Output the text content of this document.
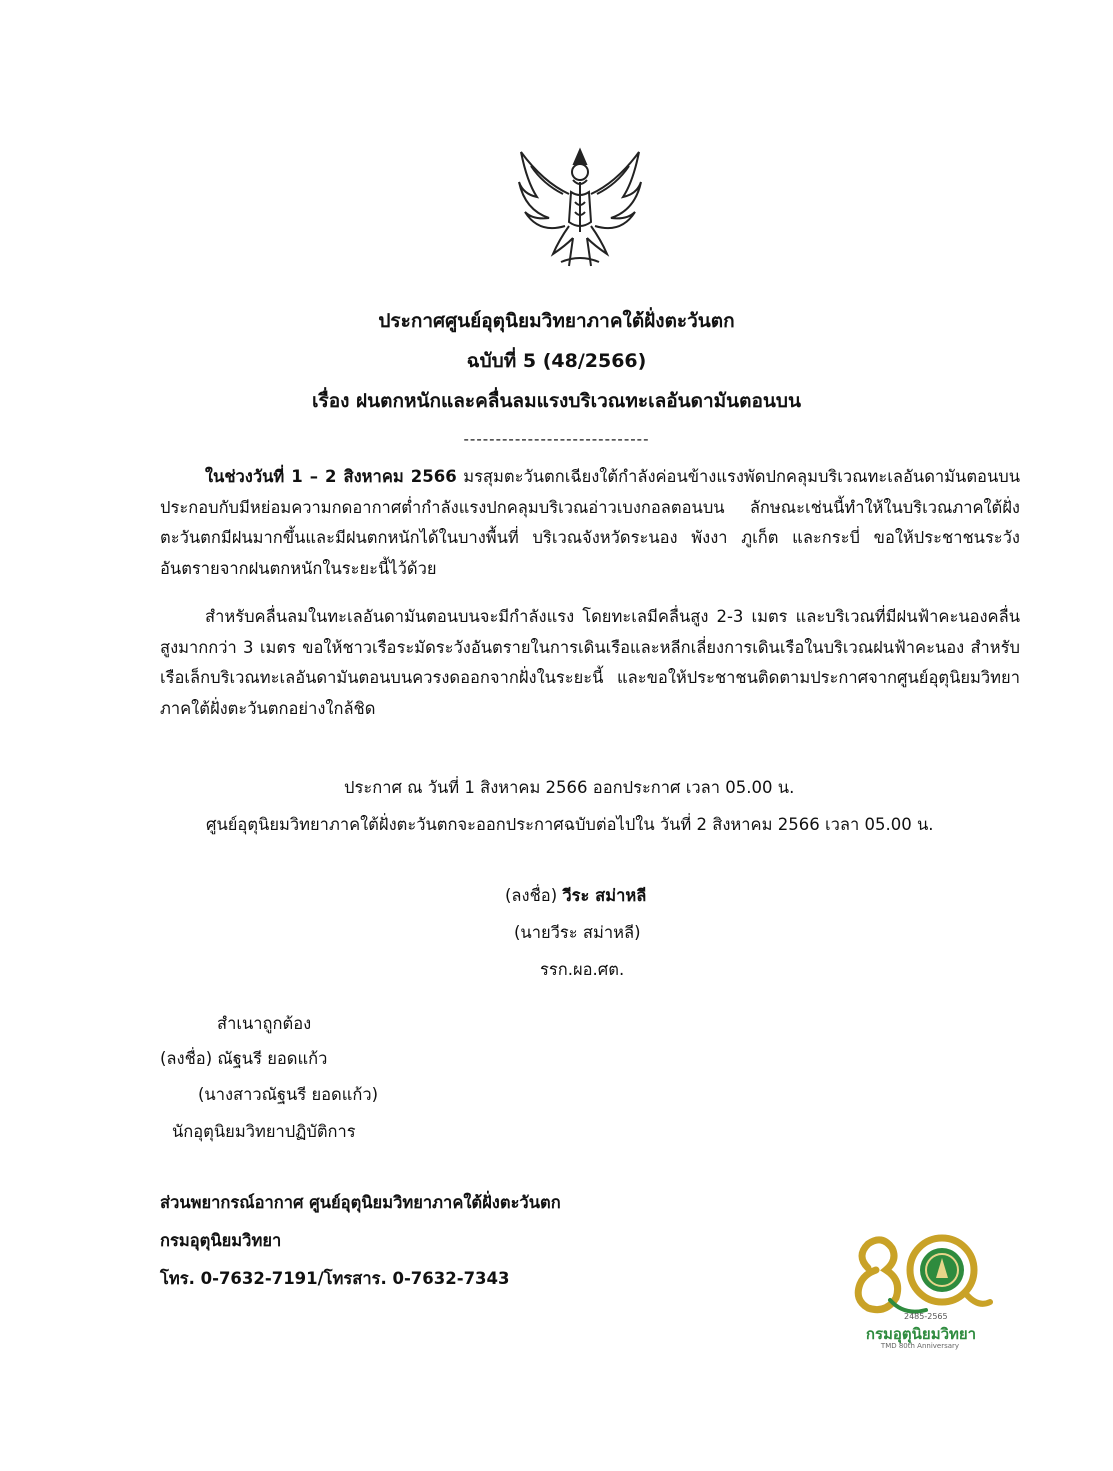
ประกาศศูนย์อุตุนิยมวิทยาภาคใต้ฝั่งตะวันตก
ฉบับที่ 5 (48/2566)
เรื่อง ฝนตกหนักและคลื่นลมแรงบริเวณทะเลอันดามันตอนบน
-----------------------------
ในช่วงวันที่ 1 – 2 สิงหาคม 2566 มรสุมตะวันตกเฉียงใต้กำลังค่อนข้างแรงพัดปกคลุมบริเวณทะเลอันดามันตอนบนประกอบกับมีหย่อมความกดอากาศต่ำกำลังแรงปกคลุมบริเวณอ่าวเบงกอลตอนบน ลักษณะเช่นนี้ทำให้ในบริเวณภาคใต้ฝั่งตะวันตกมีฝนมากขึ้นและมีฝนตกหนักได้ในบางพื้นที่ บริเวณจังหวัดระนอง พังงา ภูเก็ต และกระบี่ ขอให้ประชาชนระวังอันตรายจากฝนตกหนักในระยะนี้ไว้ด้วย
สำหรับคลื่นลมในทะเลอันดามันตอนบนจะมีกำลังแรง โดยทะเลมีคลื่นสูง 2-3 เมตร และบริเวณที่มีฝนฟ้าคะนองคลื่นสูงมากกว่า 3 เมตร ขอให้ชาวเรือระมัดระวังอันตรายในการเดินเรือและหลีกเลี่ยงการเดินเรือในบริเวณฝนฟ้าคะนอง สำหรับเรือเล็กบริเวณทะเลอันดามันตอนบนควรงดออกจากฝั่งในระยะนี้ และขอให้ประชาชนติดตามประกาศจากศูนย์อุตุนิยมวิทยาภาคใต้ฝั่งตะวันตกอย่างใกล้ชิด
ประกาศ ณ วันที่ 1 สิงหาคม 2566 ออกประกาศ เวลา 05.00 น.
ศูนย์อุตุนิยมวิทยาภาคใต้ฝั่งตะวันตกจะออกประกาศฉบับต่อไปใน วันที่ 2 สิงหาคม 2566 เวลา 05.00 น.
(ลงชื่อ) วีระ สม่าหลี
(นายวีระ สม่าหลี)
รรก.ผอ.ศต.
สำเนาถูกต้อง
(ลงชื่อ) ณัฐนรี ยอดแก้ว
(นางสาวณัฐนรี ยอดแก้ว)
นักอุตุนิยมวิทยาปฏิบัติการ
ส่วนพยากรณ์อากาศ ศูนย์อุตุนิยมวิทยาภาคใต้ฝั่งตะวันตก
กรมอุตุนิยมวิทยา
โทร. 0-7632-7191/โทรสาร. 0-7632-7343
2485-2565
กรมอุตุนิยมวิทยา
TMD 80th Anniversary
